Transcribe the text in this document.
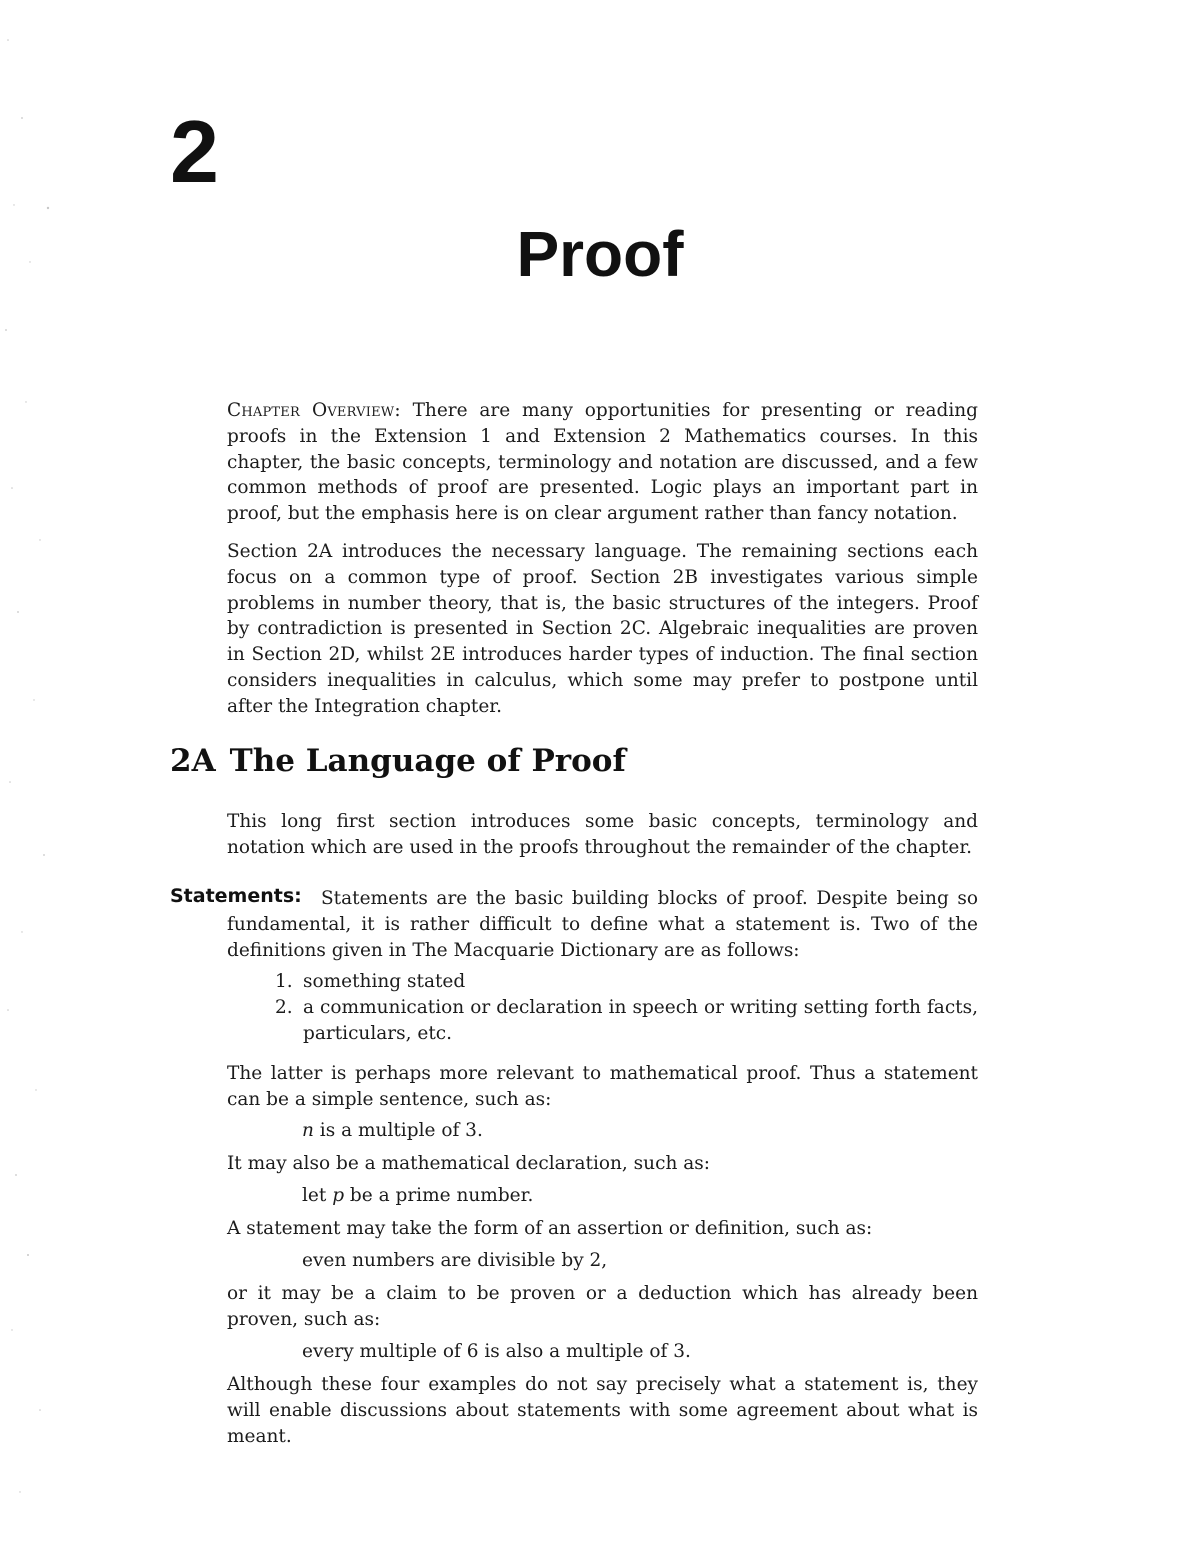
2
Proof

Chapter Overview: There are many opportunities for presenting or reading proofs in the Extension 1 and Extension 2 Mathematics courses. In this chapter, the basic concepts, terminology and notation are discussed, and a few common methods of proof are presented. Logic plays an important part in proof, but the emphasis here is on clear argument rather than fancy notation.

Section 2A introduces the necessary language. The remaining sections each focus on a common type of proof. Section 2B investigates various simple problems in number theory, that is, the basic structures of the integers. Proof by contradiction is presented in Section 2C. Algebraic inequalities are proven in Section 2D, whilst 2E introduces harder types of induction. The final section considers inequalities in calculus, which some may prefer to postpone until after the Integration chapter.

2A The Language of Proof

This long first section introduces some basic concepts, terminology and notation which are used in the proofs throughout the remainder of the chapter.

Statements:	Statements are the basic building blocks of proof. Despite being so fundamental, it is rather difficult to define what a statement is. Two of the definitions given in The Macquarie Dictionary are as follows:
1. something stated
2. a communication or declaration in speech or writing setting forth facts, particulars, etc.
The latter is perhaps more relevant to mathematical proof. Thus a statement can be a simple sentence, such as:
n is a multiple of 3.
It may also be a mathematical declaration, such as:
let p be a prime number.
A statement may take the form of an assertion or definition, such as:
even numbers are divisible by 2,
or it may be a claim to be proven or a deduction which has already been proven, such as:
every multiple of 6 is also a multiple of 3.
Although these four examples do not say precisely what a statement is, they will enable discussions about statements with some agreement about what is meant.
